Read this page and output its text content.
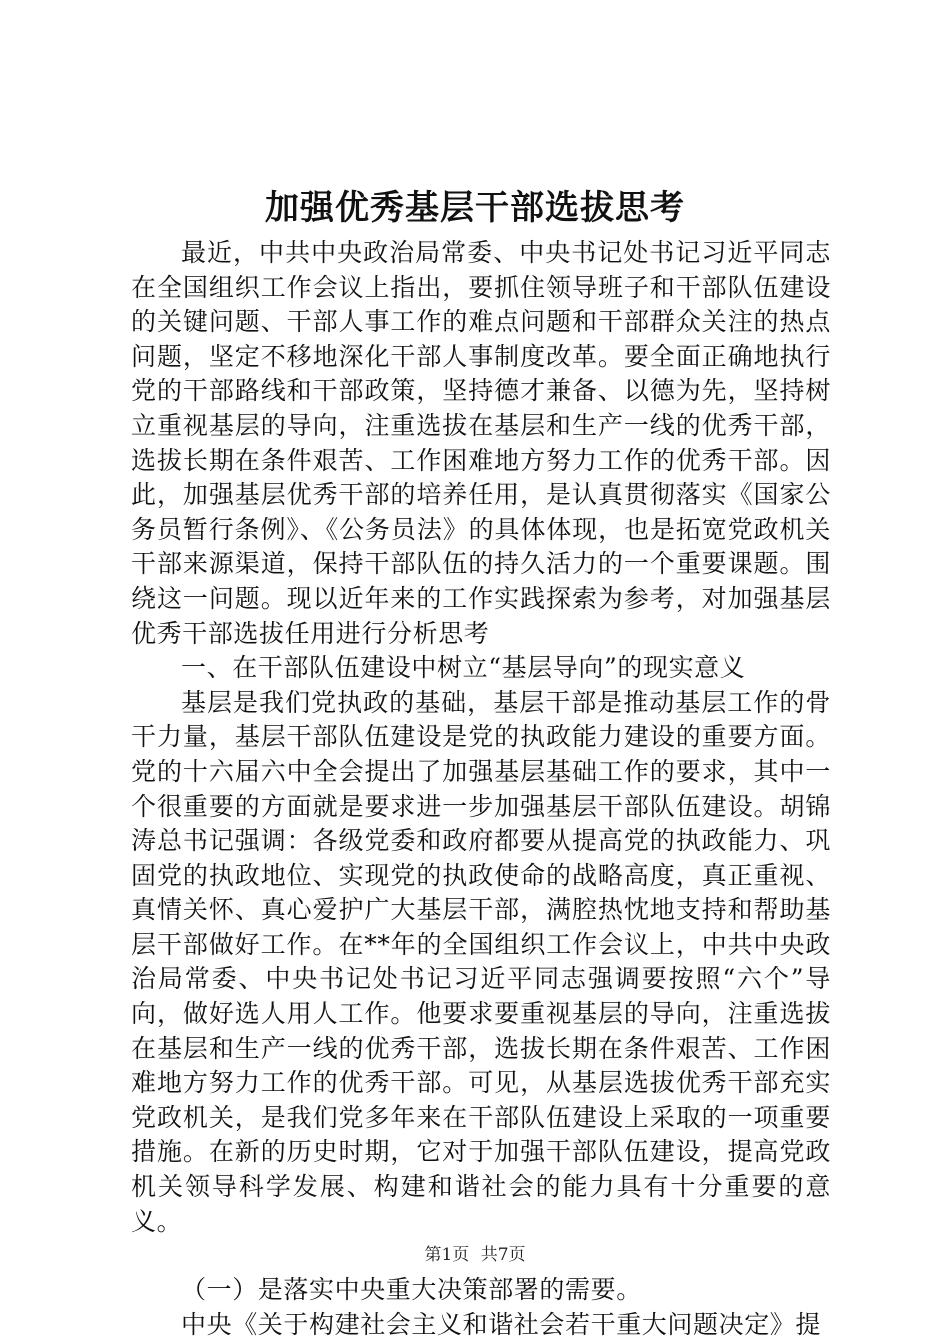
加强优秀基层干部选拔思考

最近，中共中央政治局常委、中央书记处书记习近平同志在全国组织工作会议上指出，要抓住领导班子和干部队伍建设的关键问题、干部人事工作的难点问题和干部群众关注的热点问题，坚定不移地深化干部人事制度改革。要全面正确地执行党的干部路线和干部政策，坚持德才兼备、以德为先，坚持树立重视基层的导向，注重选拔在基层和生产一线的优秀干部，选拔长期在条件艰苦、工作困难地方努力工作的优秀干部。因此，加强基层优秀干部的培养任用，是认真贯彻落实《国家公务员暂行条例》、《公务员法》的具体体现，也是拓宽党政机关干部来源渠道，保持干部队伍的持久活力的一个重要课题。围绕这一问题。现以近年来的工作实践探索为参考，对加强基层优秀干部选拔任用进行分析思考

一、在干部队伍建设中树立“基层导向”的现实意义

基层是我们党执政的基础，基层干部是推动基层工作的骨干力量，基层干部队伍建设是党的执政能力建设的重要方面。党的十六届六中全会提出了加强基层基础工作的要求，其中一个很重要的方面就是要求进一步加强基层干部队伍建设。胡锦涛总书记强调：各级党委和政府都要从提高党的执政能力、巩固党的执政地位、实现党的执政使命的战略高度，真正重视、真情关怀、真心爱护广大基层干部，满腔热忱地支持和帮助基层干部做好工作。在**年的全国组织工作会议上，中共中央政治局常委、中央书记处书记习近平同志强调要按照“六个”导向，做好选人用人工作。他要求要重视基层的导向，注重选拔在基层和生产一线的优秀干部，选拔长期在条件艰苦、工作困难地方努力工作的优秀干部。可见，从基层选拔优秀干部充实党政机关，是我们党多年来在干部队伍建设上采取的一项重要措施。在新的历史时期，它对于加强干部队伍建设，提高党政机关领导科学发展、构建和谐社会的能力具有十分重要的意义。

（一）是落实中央重大决策部署的需要。

中央《关于构建社会主义和谐社会若干重大问题决定》提

第1页 共7页
